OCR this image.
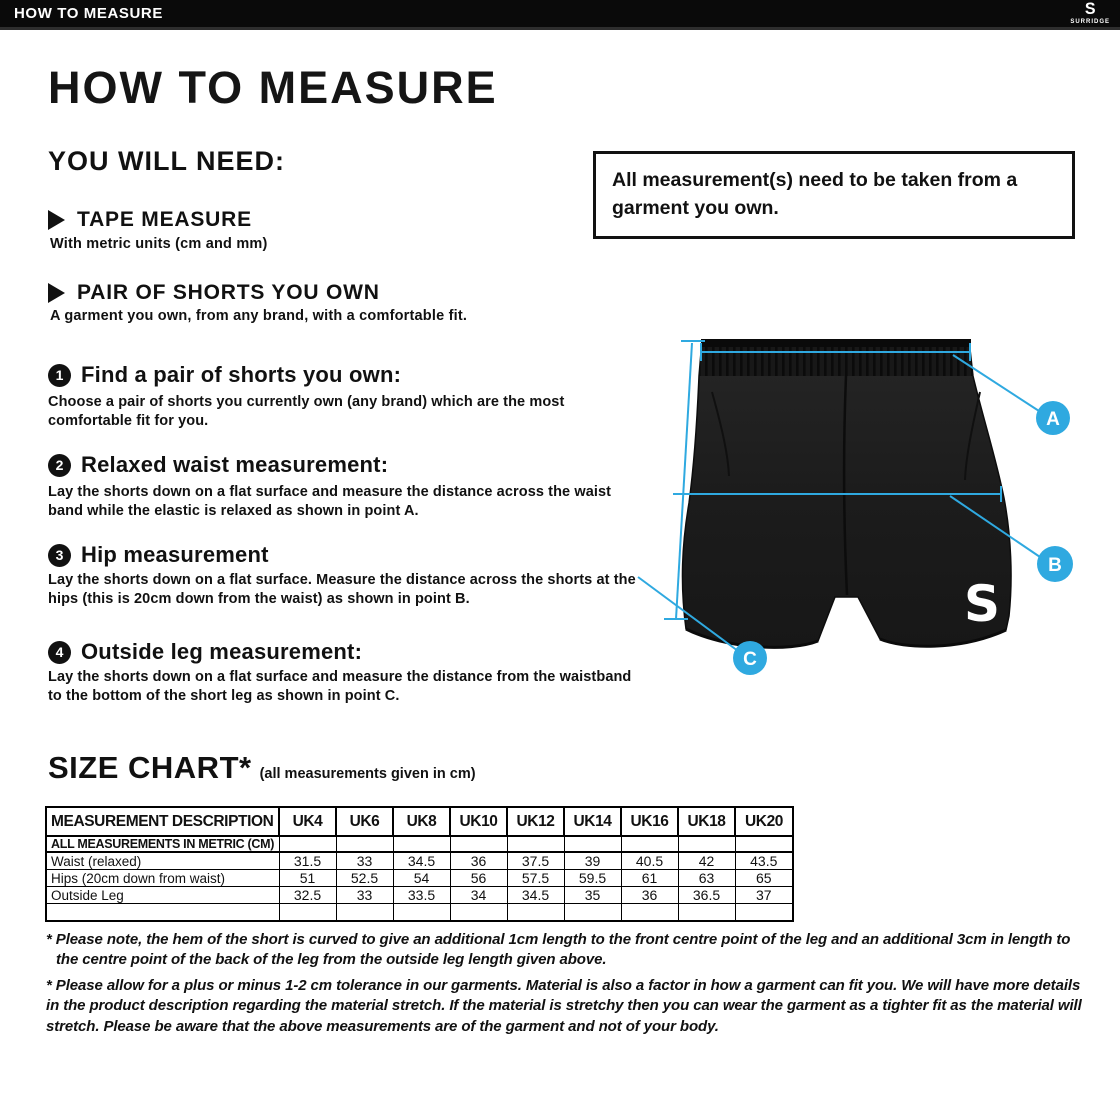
HOW TO MEASURE	S
SURRIDGE
HOW TO MEASURE
YOU WILL NEED:
TAPE MEASURE
With metric units (cm and mm)
PAIR OF SHORTS YOU OWN
A garment you own, from any brand, with a comfortable fit.
All measurement(s) need to be taken from a garment you own.
1 Find a pair of shorts you own:
Choose a pair of shorts you currently own (any brand) which are the most comfortable fit for you.
2 Relaxed waist measurement:
Lay the shorts down on a flat surface and measure the distance across the waist band while the elastic is relaxed as shown in point A.
3 Hip measurement
Lay the shorts down on a flat surface. Measure the distance across the shorts at the hips (this is 20cm down from the waist) as shown in point B.
4 Outside leg measurement:
Lay the shorts down on a flat surface and measure the distance from the waistband to the bottom of the short leg as shown in point C.
S
A
B
C
SIZE CHART* (all measurements given in cm)
MEASUREMENT DESCRIPTION	UK4	UK6	UK8	UK10	UK12	UK14	UK16	UK18	UK20
ALL MEASUREMENTS IN METRIC (CM)									
Waist (relaxed)	31.5	33	34.5	36	37.5	39	40.5	42	43.5
Hips (20cm down from waist)	51	52.5	54	56	57.5	59.5	61	63	65
Outside Leg	32.5	33	33.5	34	34.5	35	36	36.5	37

* Please note, the hem of the short is curved to give an additional 1cm length to the front centre point of the leg and an additional 3cm in length to the centre point of the back of the leg from the outside leg length given above.
* Please allow for a plus or minus 1-2 cm tolerance in our garments. Material is also a factor in how a garment can fit you. We will have more details in the product description regarding the material stretch. If the material is stretchy then you can wear the garment as a tighter fit as the material will stretch. Please be aware that the above measurements are of the garment and not of your body.
